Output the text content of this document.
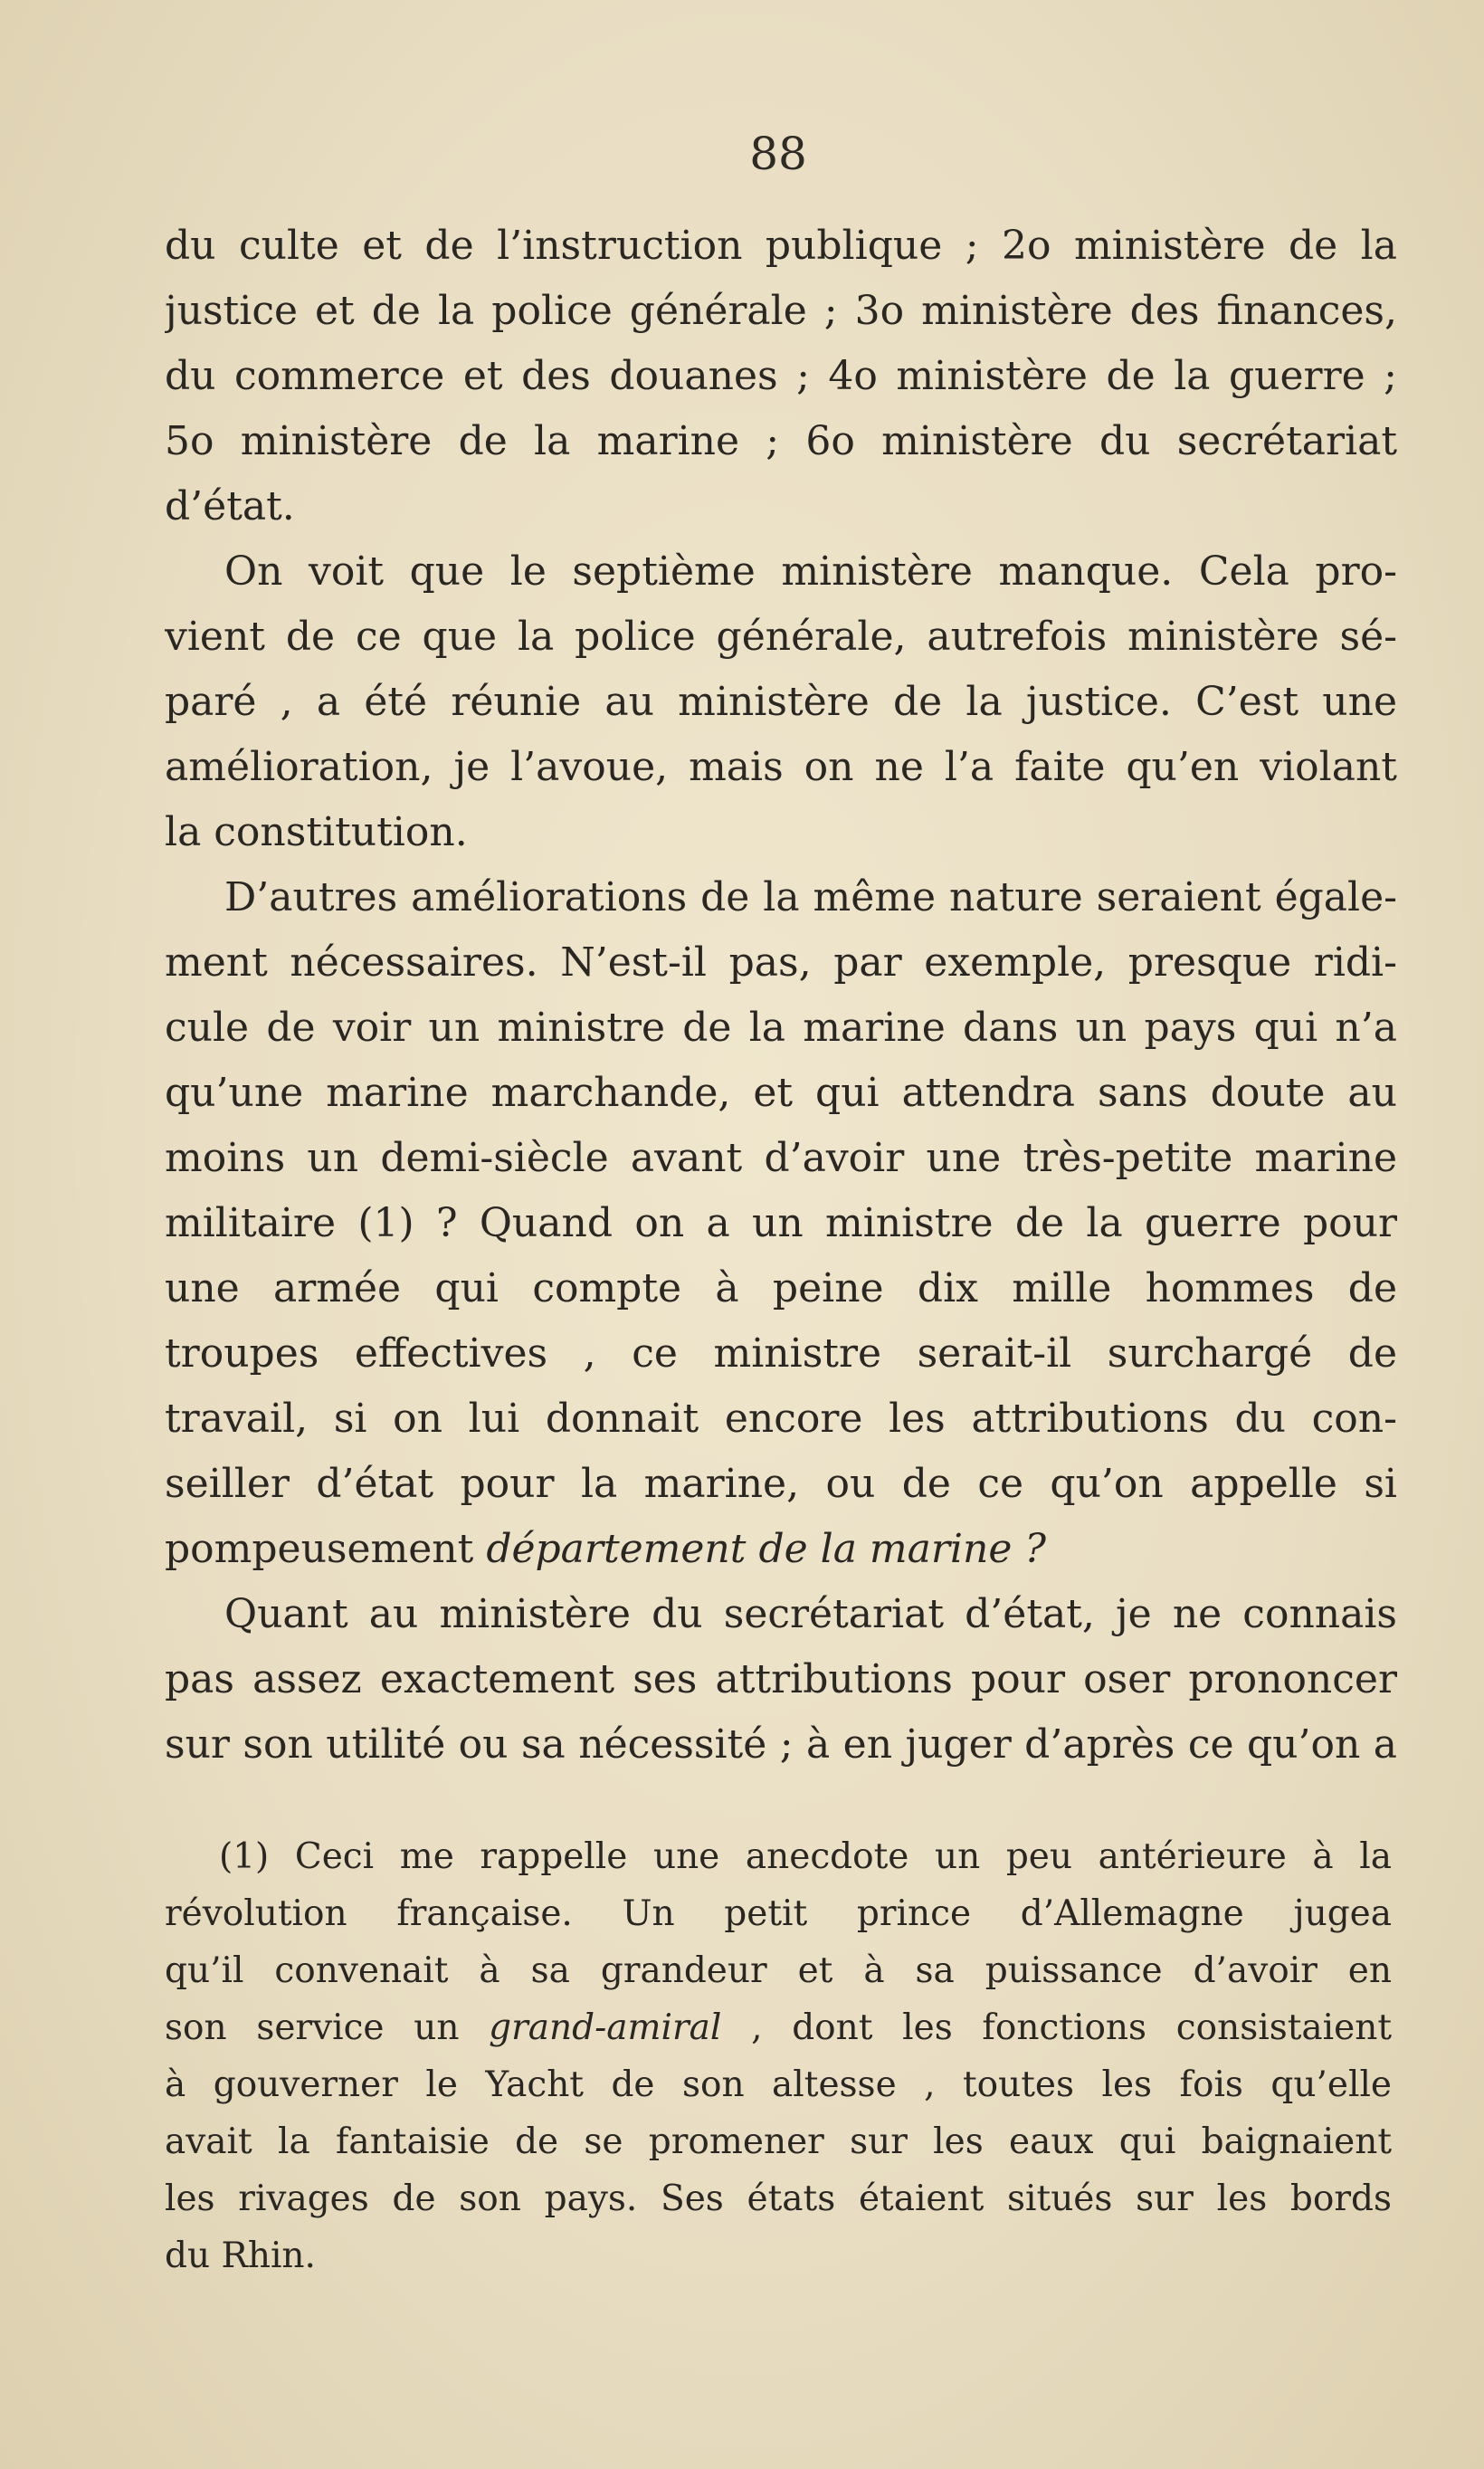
88
du culte et de l’instruction publique ; 2o ministère de la
justice et de la police générale ; 3o ministère des finances,
du commerce et des douanes ; 4o ministère de la guerre ;
5o ministère de la marine ; 6o ministère du secrétariat
d’état.
On voit que le septième ministère manque. Cela pro-
vient de ce que la police générale, autrefois ministère sé-
paré , a été réunie au ministère de la justice. C’est une
amélioration, je l’avoue, mais on ne l’a faite qu’en violant
la constitution.
D’autres améliorations de la même nature seraient égale-
ment nécessaires. N’est-il pas, par exemple, presque ridi-
cule de voir un ministre de la marine dans un pays qui n’a
qu’une marine marchande, et qui attendra sans doute au
moins un demi-siècle avant d’avoir une très-petite marine
militaire (1) ? Quand on a un ministre de la guerre pour
une armée qui compte à peine dix mille hommes de
troupes effectives , ce ministre serait-il surchargé de
travail, si on lui donnait encore les attributions du con-
seiller d’état pour la marine, ou de ce qu’on appelle si
pompeusement département de la marine ?
Quant au ministère du secrétariat d’état, je ne connais
pas assez exactement ses attributions pour oser prononcer
sur son utilité ou sa nécessité ; à en juger d’après ce qu’on a
(1) Ceci me rappelle une anecdote un peu antérieure à la
révolution française. Un petit prince d’Allemagne jugea
qu’il convenait à sa grandeur et à sa puissance d’avoir en
son service un grand-amiral , dont les fonctions consistaient
à gouverner le Yacht de son altesse , toutes les fois qu’elle
avait la fantaisie de se promener sur les eaux qui baignaient
les rivages de son pays. Ses états étaient situés sur les bords
du Rhin.
